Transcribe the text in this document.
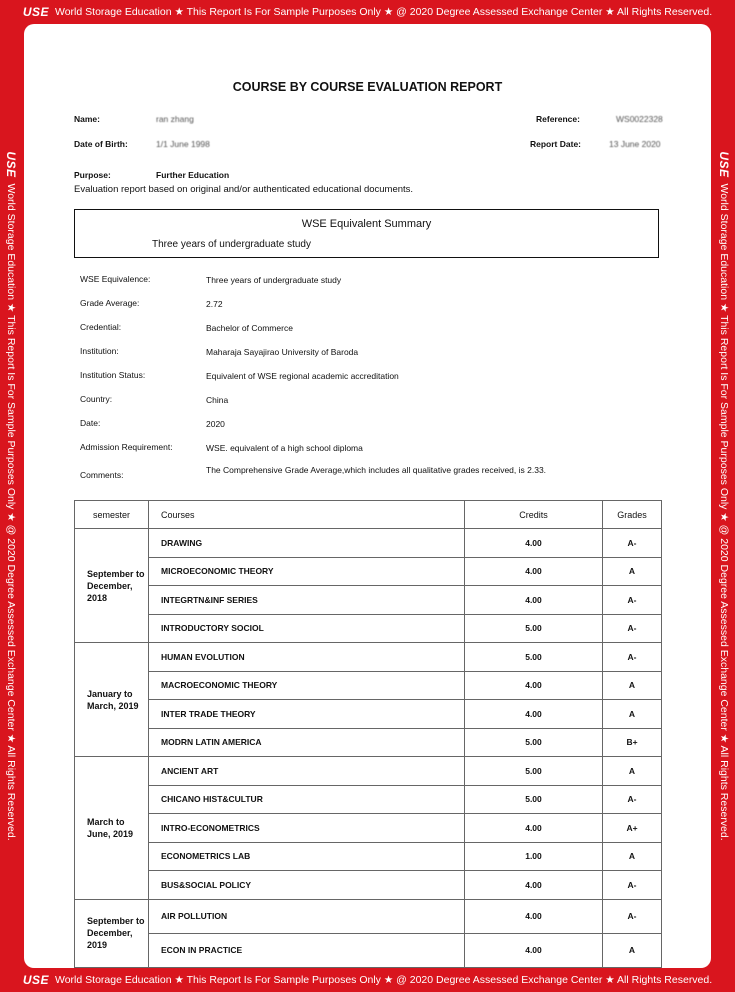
USE World Storage Education ★ This Report Is For Sample Purposes Only ★ @ 2020 Degree Assessed Exchange Center ★ All Rights Reserved.
USE World Storage Education ★ This Report Is For Sample Purposes Only ★ @ 2020 Degree Assessed Exchange Center ★ All Rights Reserved.
USE
World Storage Education ★ This Report Is For Sample Purposes Only ★ @ 2020 Degree Assessed Exchange Center ★ All Rights Reserved.
USE
World Storage Education ★ This Report Is For Sample Purposes Only ★ @ 2020 Degree Assessed Exchange Center ★ All Rights Reserved.
COURSE BY COURSE EVALUATION REPORT
Name:	ran zhang	Reference:	WS0022328
Date of Birth:	1/1 June 1998	Report Date:	13 June 2020
Purpose:	Further Education
Evaluation report based on original and/or authenticated educational documents.
WSE Equivalent Summary
Three years of undergraduate study
WSE Equivalence:	Three years of undergraduate study
Grade Average:	2.72
Credential:	Bachelor of Commerce
Institution:	Maharaja Sayajirao University of Baroda
Institution Status:	Equivalent of WSE regional academic accreditation
Country:	China
Date:	2020
Admission Requirement:	WSE. equivalent of a high school diploma
Comments:	The Comprehensive Grade Average,which includes all qualitative grades received, is 2.33.
semester	Courses	Credits	Grades
September to December, 2018	DRAWING	4.00	A-
	MICROECONOMIC THEORY	4.00	A
	INTEGRTN&INF SERIES	4.00	A-
	INTRODUCTORY SOCIOL	5.00	A-
January to March, 2019	HUMAN EVOLUTION	5.00	A-
	MACROECONOMIC THEORY	4.00	A
	INTER TRADE THEORY	4.00	A
	MODRN LATIN AMERICA	5.00	B+
March to June, 2019	ANCIENT ART	5.00	A
	CHICANO HIST&CULTUR	5.00	A-
	INTRO-ECONOMETRICS	4.00	A+
	ECONOMETRICS LAB	1.00	A
	BUS&SOCIAL POLICY	4.00	A-
September to December, 2019	AIR POLLUTION	4.00	A-
	ECON IN PRACTICE	4.00	A
